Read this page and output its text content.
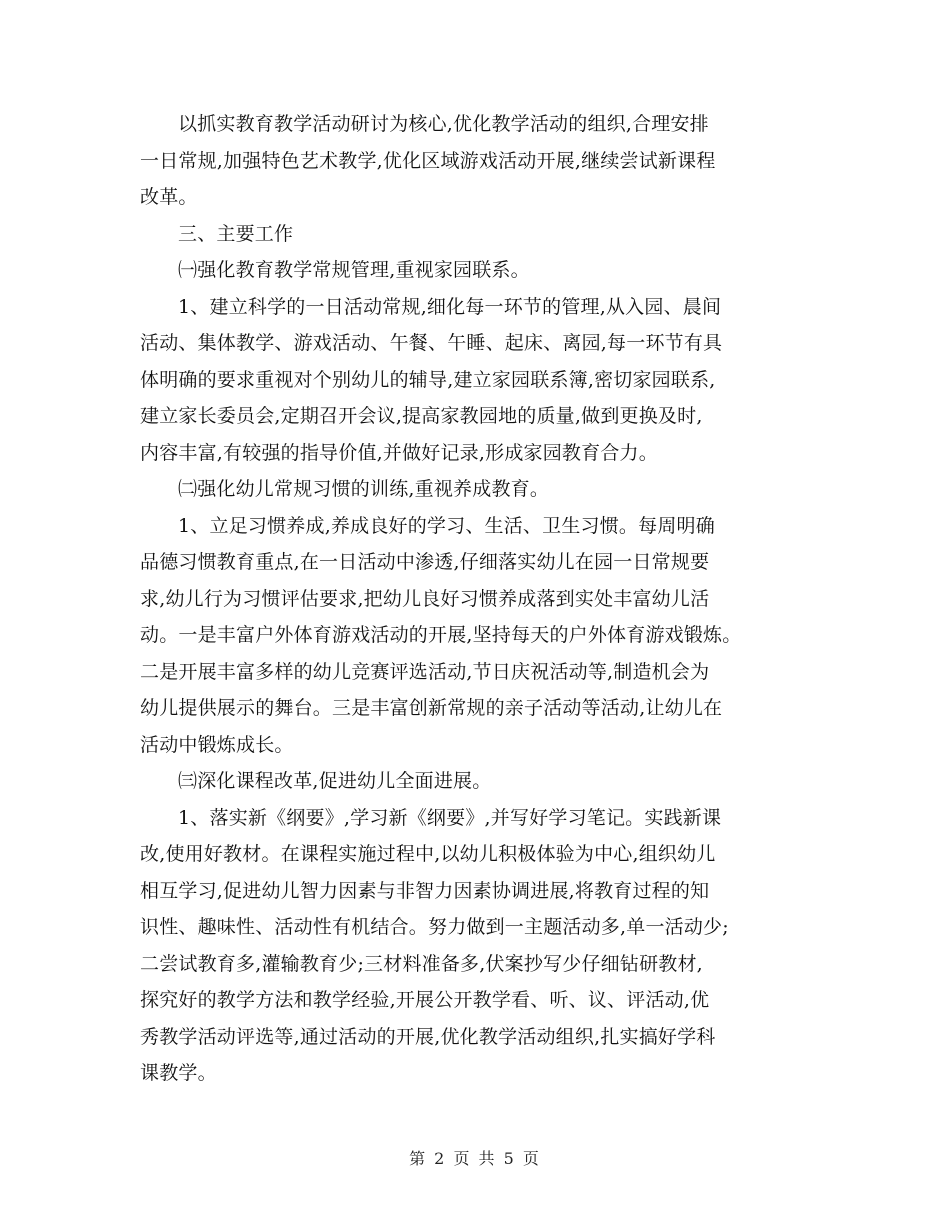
以抓实教育教学活动研讨为核心,优化教学活动的组织,合理安排
一日常规,加强特色艺术教学,优化区域游戏活动开展,继续尝试新课程
改革。
三、主要工作
㈠强化教育教学常规管理,重视家园联系。
1、建立科学的一日活动常规,细化每一环节的管理,从入园、晨间
活动、集体教学、游戏活动、午餐、午睡、起床、离园,每一环节有具
体明确的要求重视对个别幼儿的辅导,建立家园联系簿,密切家园联系,
建立家长委员会,定期召开会议,提高家教园地的质量,做到更换及时,
内容丰富,有较强的指导价值,并做好记录,形成家园教育合力。
㈡强化幼儿常规习惯的训练,重视养成教育。
1、立足习惯养成,养成良好的学习、生活、卫生习惯。每周明确
品德习惯教育重点,在一日活动中渗透,仔细落实幼儿在园一日常规要
求,幼儿行为习惯评估要求,把幼儿良好习惯养成落到实处丰富幼儿活
动。一是丰富户外体育游戏活动的开展,坚持每天的户外体育游戏锻炼。
二是开展丰富多样的幼儿竞赛评选活动,节日庆祝活动等,制造机会为
幼儿提供展示的舞台。三是丰富创新常规的亲子活动等活动,让幼儿在
活动中锻炼成长。
㈢深化课程改革,促进幼儿全面进展。
1、落实新《纲要》,学习新《纲要》,并写好学习笔记。实践新课
改,使用好教材。在课程实施过程中,以幼儿积极体验为中心,组织幼儿
相互学习,促进幼儿智力因素与非智力因素协调进展,将教育过程的知
识性、趣味性、活动性有机结合。努力做到一主题活动多,单一活动少;
二尝试教育多,灌输教育少;三材料准备多,伏案抄写少仔细钻研教材,
探究好的教学方法和教学经验,开展公开教学看、听、议、评活动,优
秀教学活动评选等,通过活动的开展,优化教学活动组织,扎实搞好学科
课教学。
第 2 页 共 5 页
